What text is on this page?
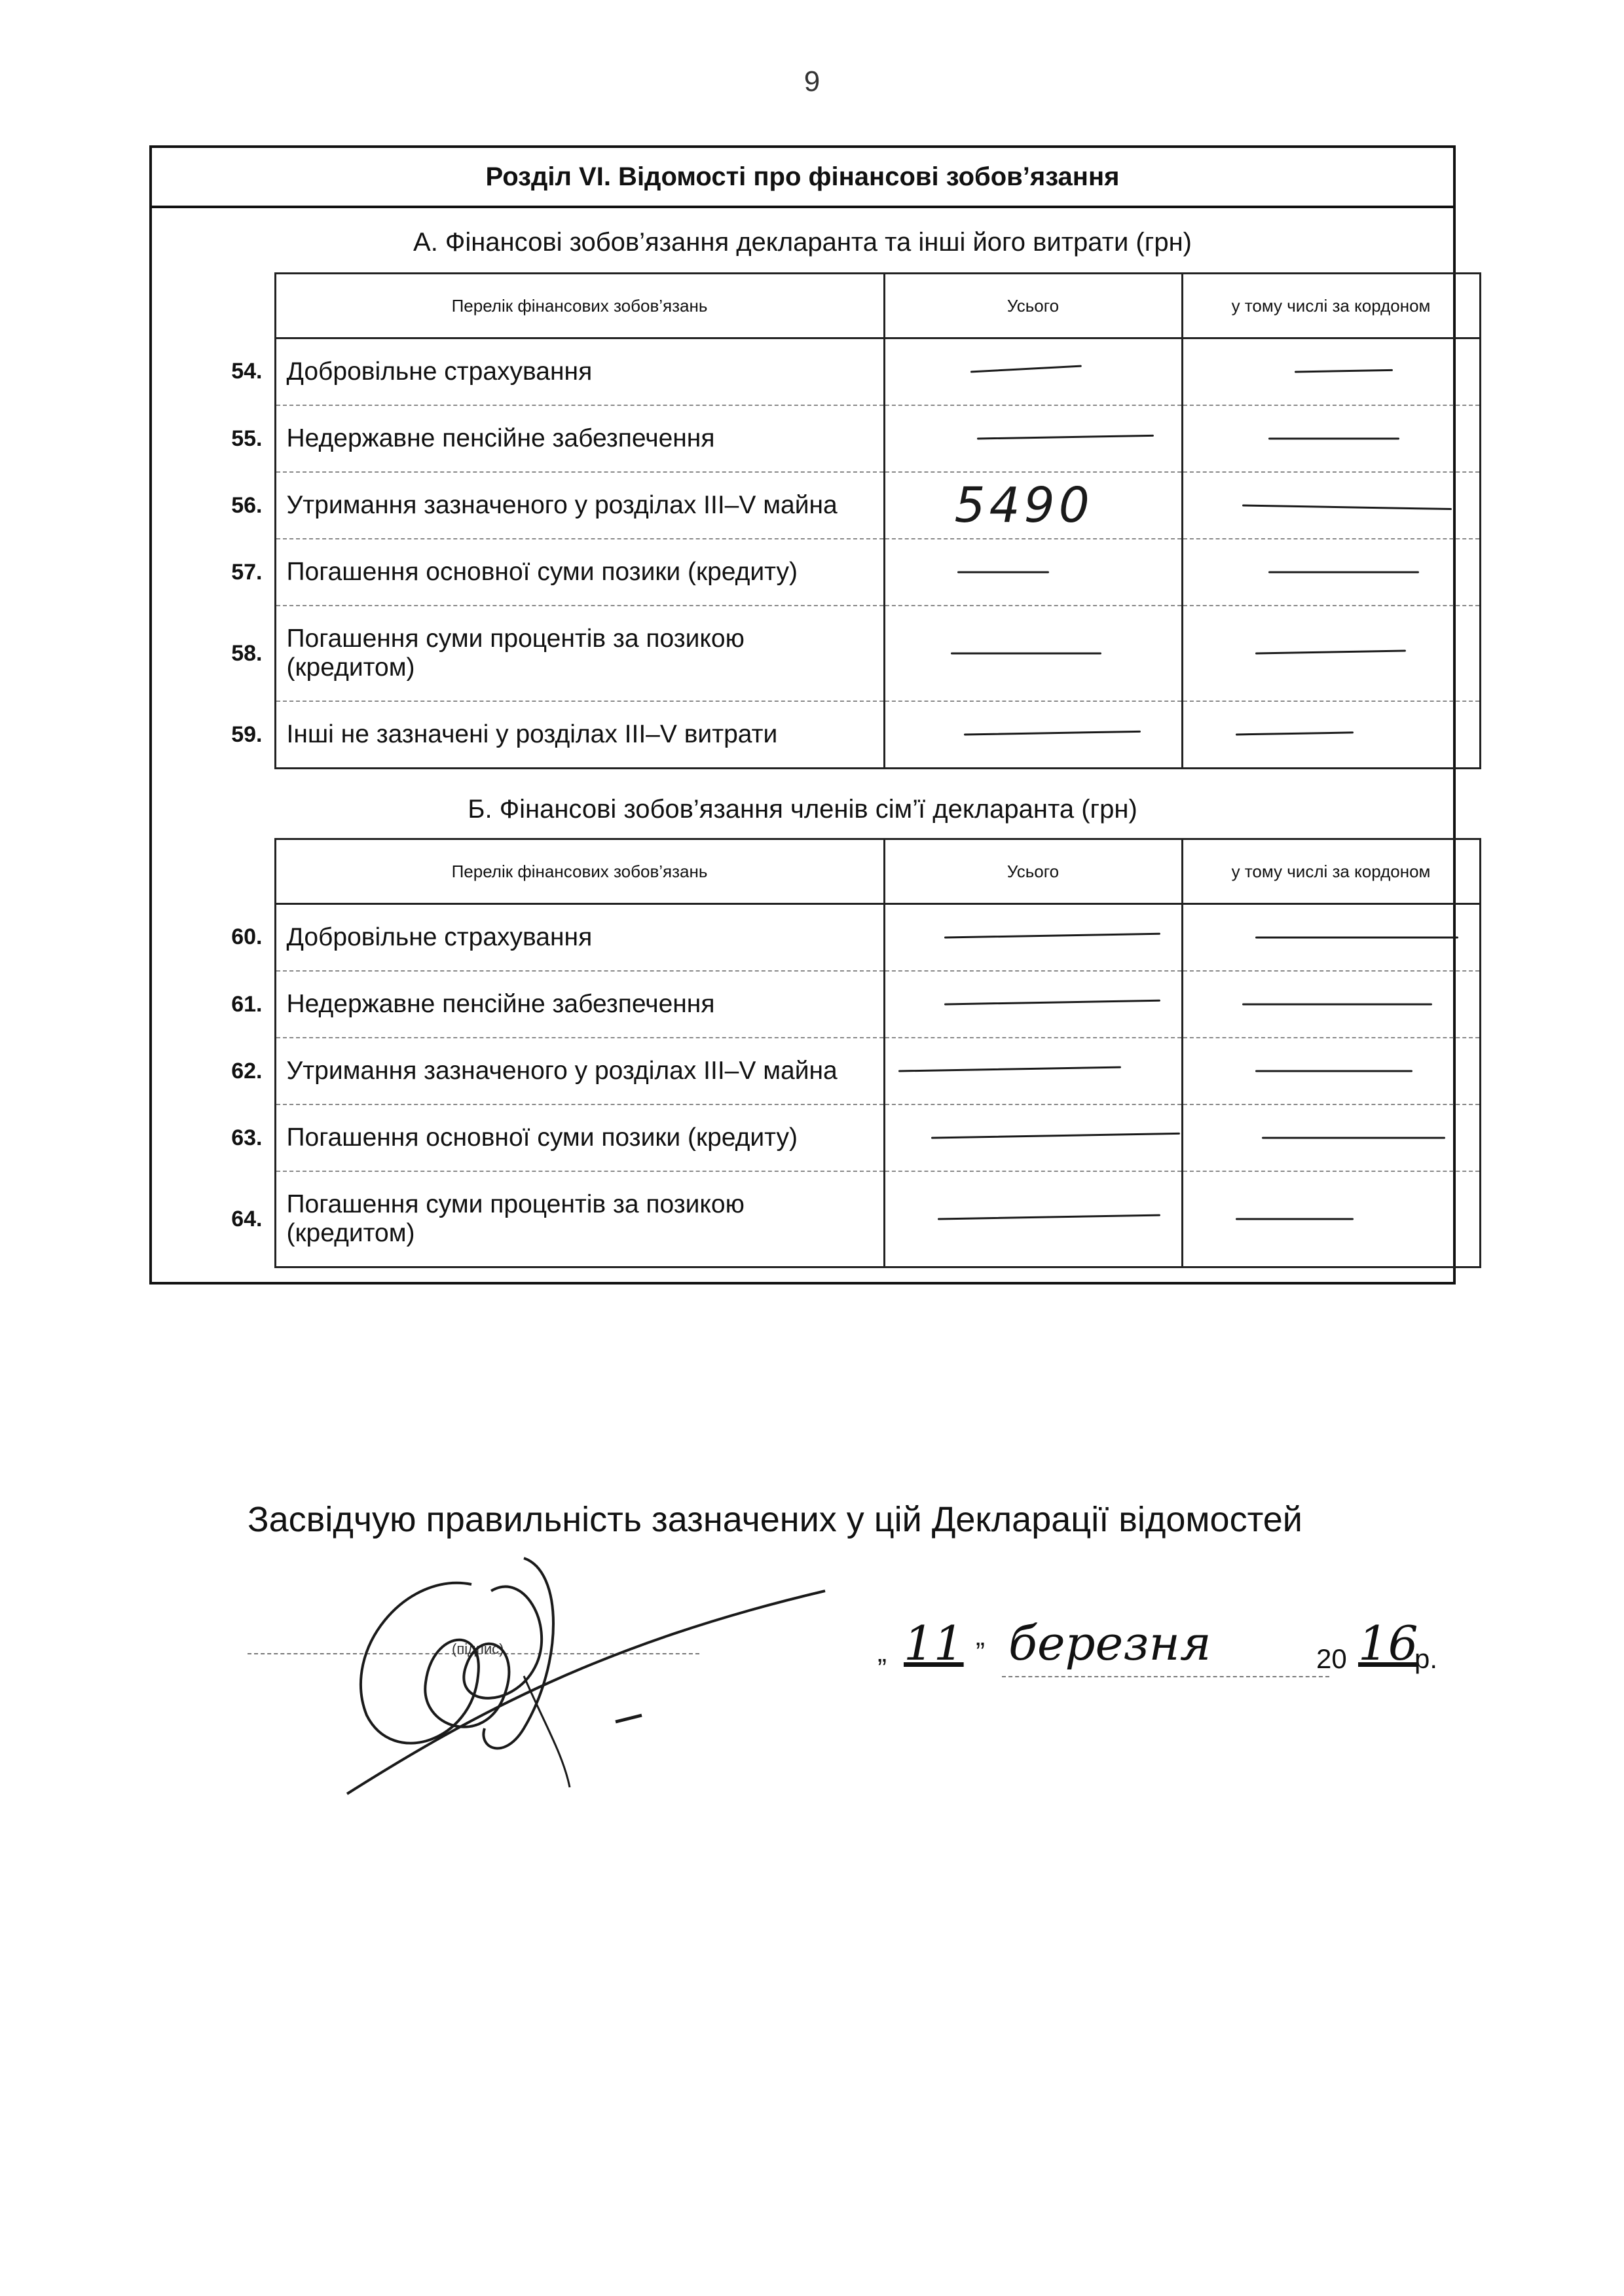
9
Розділ VI. Відомості про фінансові зобов’язання
А. Фінансові зобов’язання декларанта та інші його витрати (грн)
	Перелік фінансових зобов’язань	Усього	у тому числі за кордоном
54.	Добровільне страхування	

55.	Недержавне пенсійне забезпечення	

56.	Утримання зазначеного у розділах III–V майна	5490	

57.	Погашення основної суми позики (кредиту)	

58.	Погашення суми процентів за позикою (кредитом)	

59.	Інші не зазначені у розділах III–V витрати	

Б. Фінансові зобов’язання членів сім’ї декларанта (грн)
	Перелік фінансових зобов’язань	Усього	у тому числі за кордоном
60.	Добровільне страхування	

61.	Недержавне пенсійне забезпечення	

62.	Утримання зазначеного у розділах III–V майна	

63.	Погашення основної суми позики (кредиту)	

64.	Погашення суми процентів за позикою (кредитом)	

Засвідчую правильність зазначених у цій Декларації відомостей
(підпис)	„ 11 ” березня	20 16
р.
